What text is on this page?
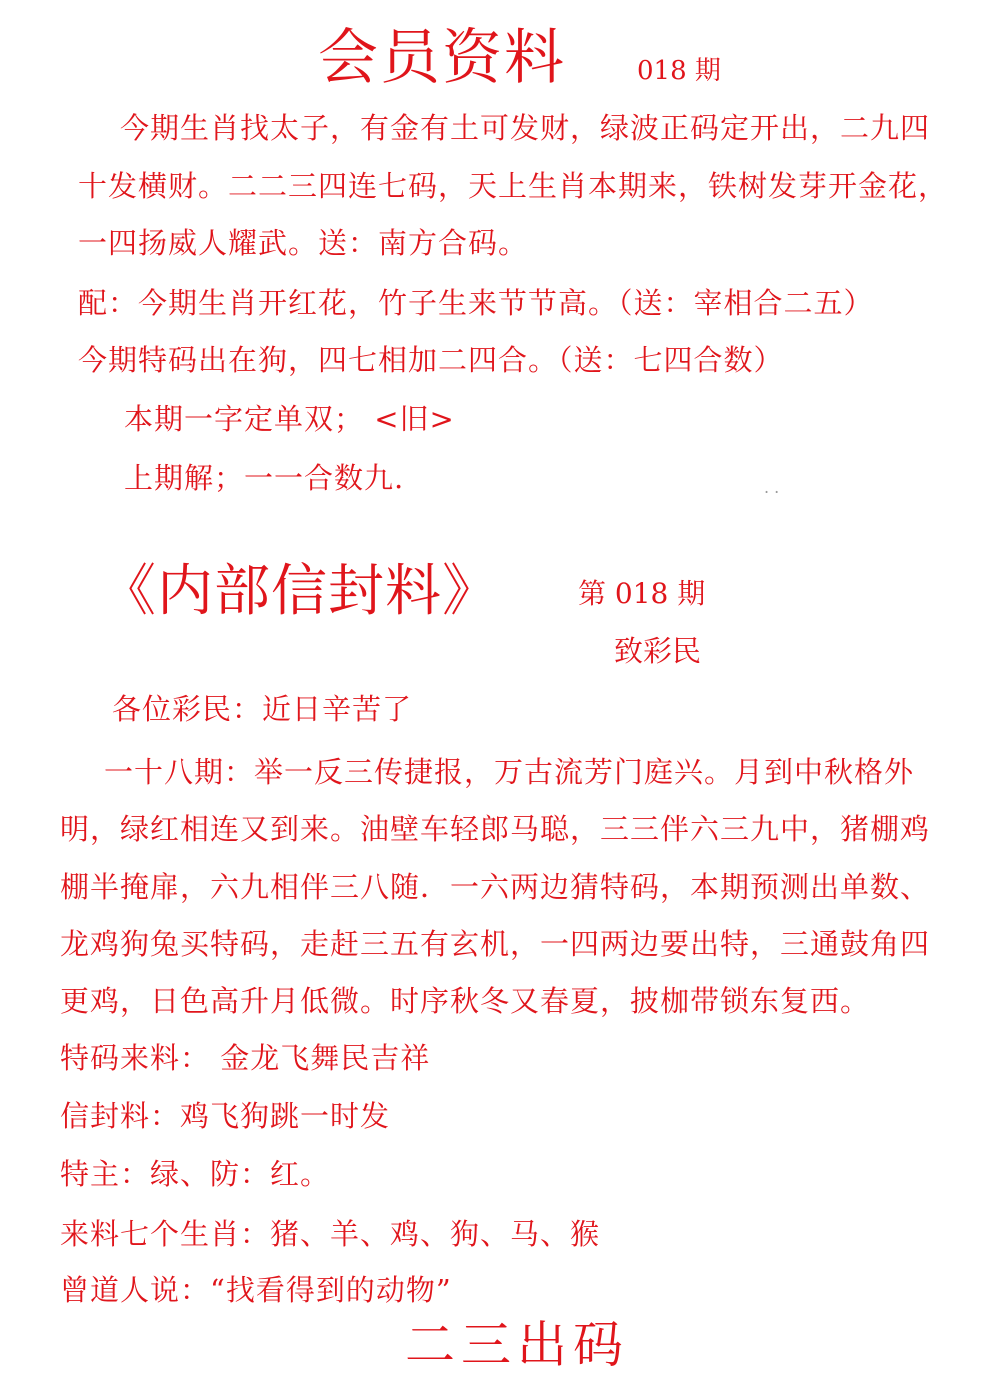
会员资料	018 期
今期生肖找太子，有金有土可发财，绿波正码定开出，二九四
十发横财。二二三四连七码，天上生肖本期来，铁树发芽开金花，
一四扬威人耀武。送：南方合码。
配：今期生肖开红花，竹子生来节节高。（送：宰相合二五）
今期特码出在狗，四七相加二四合。（送：七四合数）
本期一字定单双； <旧>
上期解；一一合数九.	. .
《内部信封料》	第 018 期
致彩民
各位彩民：近日辛苦了
一十八期：举一反三传捷报，万古流芳门庭兴。月到中秋格外
明，绿红相连又到来。油壁车轻郎马聪，三三伴六三九中，猪棚鸡
棚半掩扉，六九相伴三八随．一六两边猜特码，本期预测出单数、
龙鸡狗兔买特码，走赶三五有玄机，一四两边要出特，三通鼓角四
更鸡，日色高升月低微。时序秋冬又春夏，披枷带锁东复西。
特码来料： 金龙飞舞民吉祥
信封料：鸡飞狗跳一时发
特主：绿、防：红。
来料七个生肖：猪、羊、鸡、狗、马、猴
曾道人说：“找看得到的动物”
二三出码
